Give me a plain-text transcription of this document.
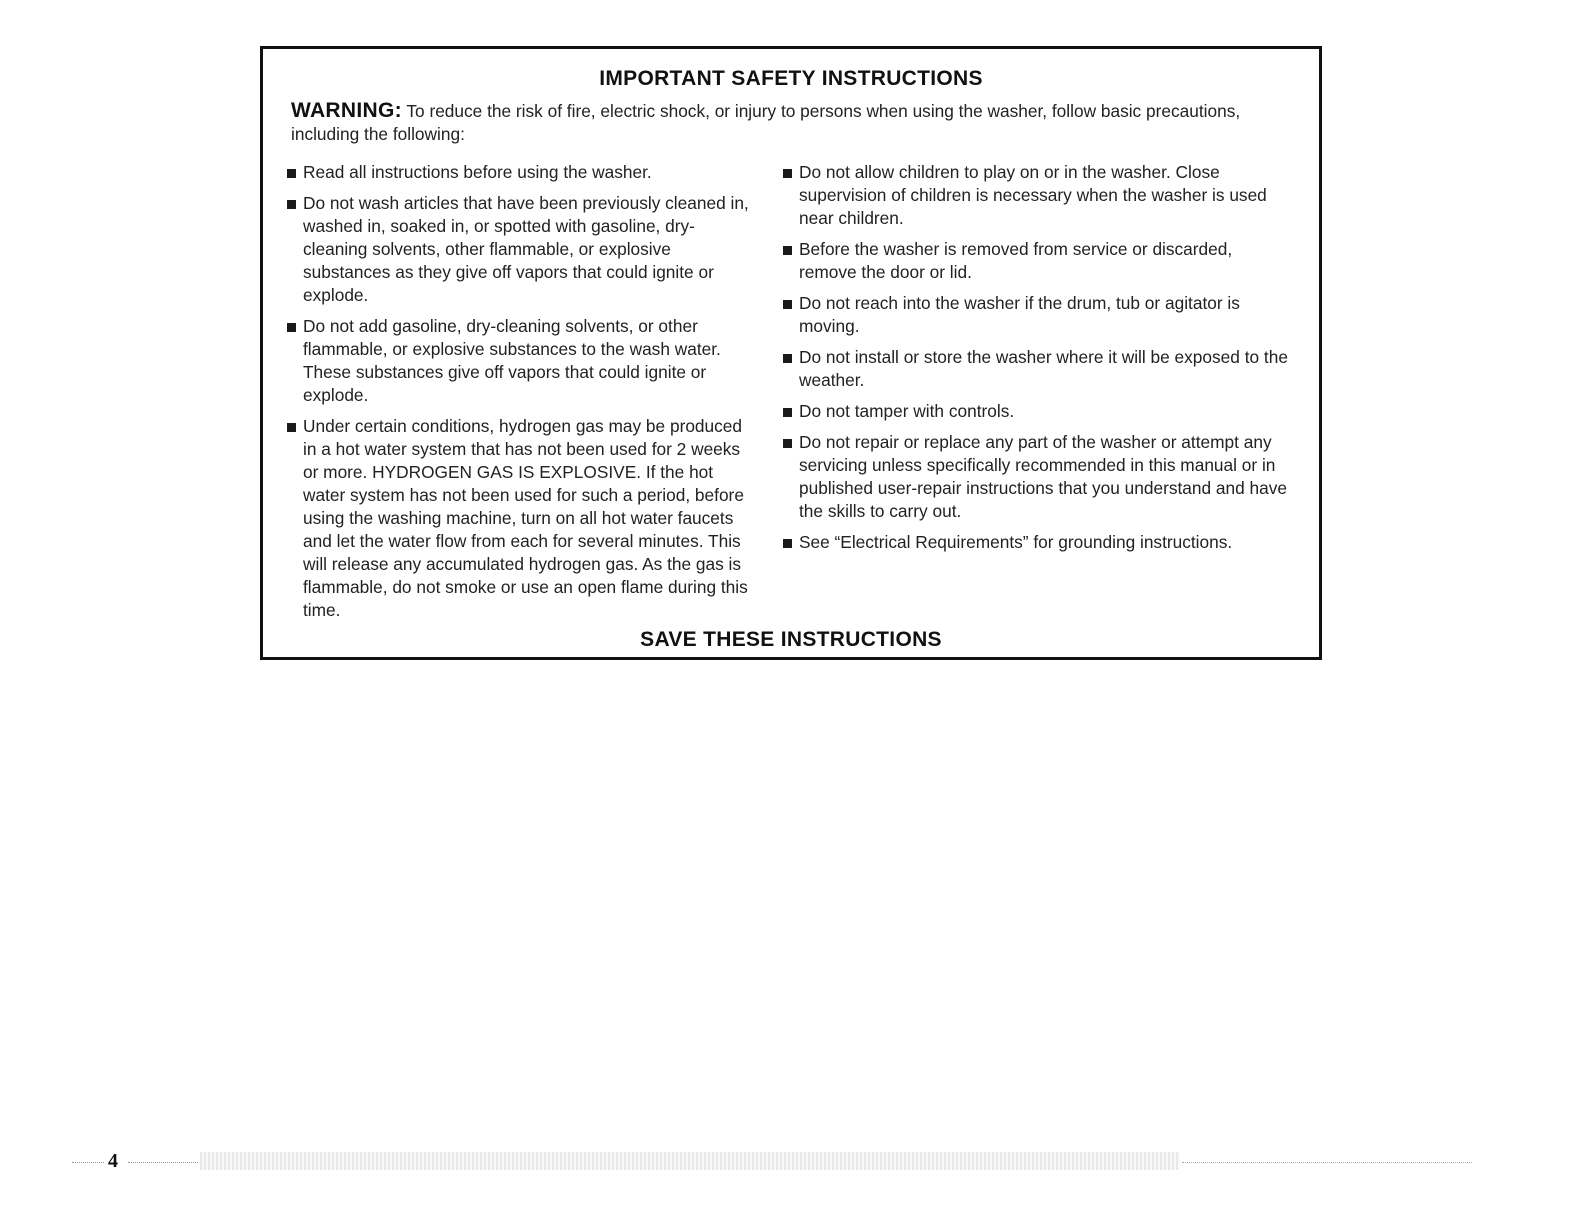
IMPORTANT SAFETY INSTRUCTIONS
WARNING: To reduce the risk of fire, electric shock, or injury to persons when using the washer, follow basic precautions, including the following:
Read all instructions before using the washer.
Do not wash articles that have been previously cleaned in, washed in, soaked in, or spotted with gasoline, dry-cleaning solvents, other flammable, or explosive substances as they give off vapors that could ignite or explode.
Do not add gasoline, dry-cleaning solvents, or other flammable, or explosive substances to the wash water. These substances give off vapors that could ignite or explode.
Under certain conditions, hydrogen gas may be produced in a hot water system that has not been used for 2 weeks or more. HYDROGEN GAS IS EXPLOSIVE. If the hot water system has not been used for such a period, before using the washing machine, turn on all hot water faucets and let the water flow from each for several minutes. This will release any accumulated hydrogen gas. As the gas is flammable, do not smoke or use an open flame during this time.
Do not allow children to play on or in the washer. Close supervision of children is necessary when the washer is used near children.
Before the washer is removed from service or discarded, remove the door or lid.
Do not reach into the washer if the drum, tub or agitator is moving.
Do not install or store the washer where it will be exposed to the weather.
Do not tamper with controls.
Do not repair or replace any part of the washer or attempt any servicing unless specifically recommended in this manual or in published user-repair instructions that you understand and have the skills to carry out.
See “Electrical Requirements” for grounding instructions.
SAVE THESE INSTRUCTIONS
4
